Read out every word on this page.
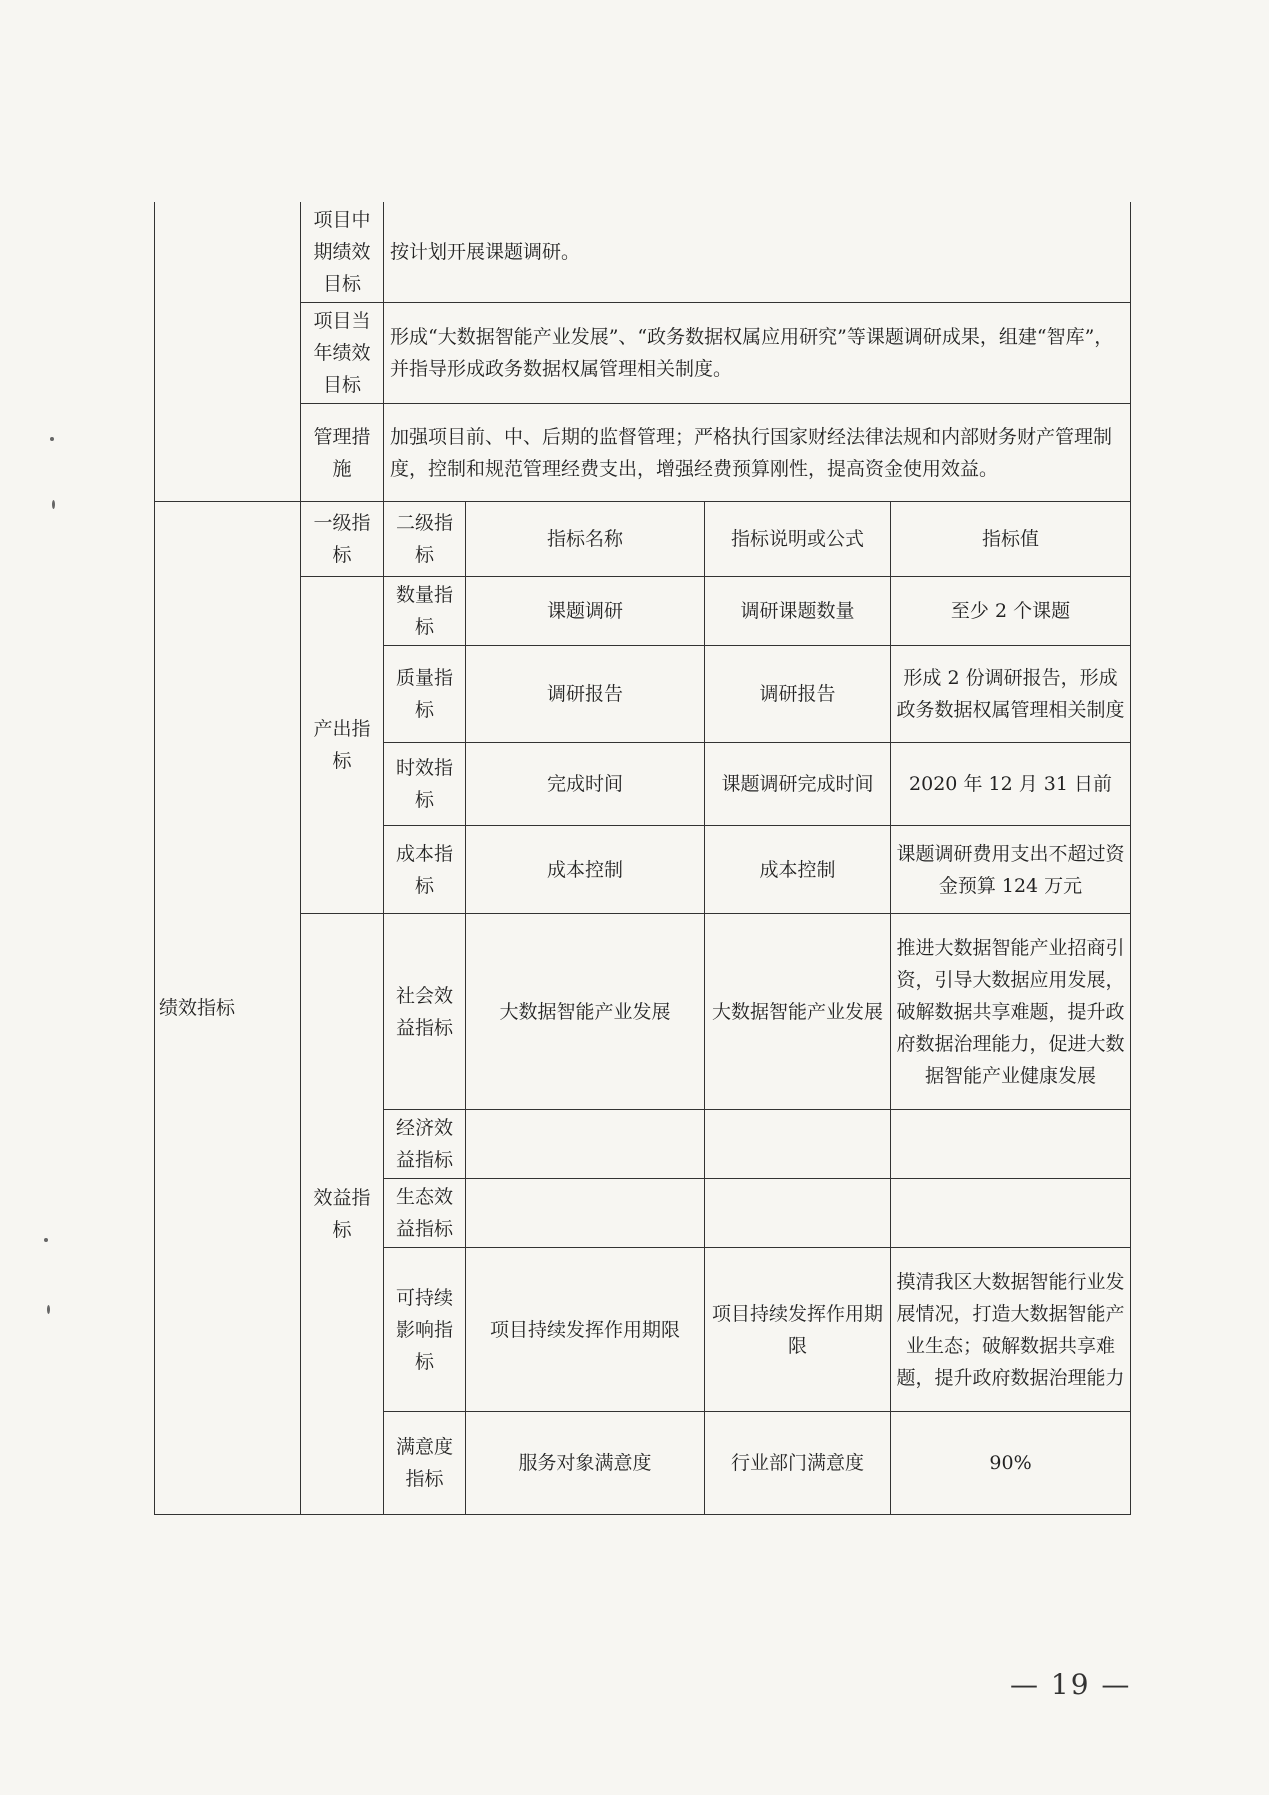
	项目中期绩效目标	按计划开展课题调研。			
	项目当年绩效目标	形成“大数据智能产业发展”、“政务数据权属应用研究”等课题调研成果，组建“智库”，并指导形成政务数据权属管理相关制度。			
	管理措施	加强项目前、中、后期的监督管理；严格执行国家财经法律法规和内部财务财产管理制度，控制和规范管理经费支出，增强经费预算刚性，提高资金使用效益。			
绩效指标	一级指标	二级指标	指标名称	指标说明或公式	指标值
	产出指标	数量指标	课题调研	调研课题数量	至少 2 个课题
		质量指标	调研报告	调研报告	形成 2 份调研报告，形成政务数据权属管理相关制度
		时效指标	完成时间	课题调研完成时间	2020 年 12 月 31 日前
		成本指标	成本控制	成本控制	课题调研费用支出不超过资金预算 124 万元
	效益指标	社会效益指标	大数据智能产业发展	大数据智能产业发展	推进大数据智能产业招商引资，引导大数据应用发展，破解数据共享难题，提升政府数据治理能力，促进大数据智能产业健康发展
		经济效益指标			
		生态效益指标			
		可持续影响指标	项目持续发挥作用期限	项目持续发挥作用期限	摸清我区大数据智能行业发展情况，打造大数据智能产业生态；破解数据共享难题，提升政府数据治理能力
		满意度指标	服务对象满意度	行业部门满意度	90%
— 19 —
